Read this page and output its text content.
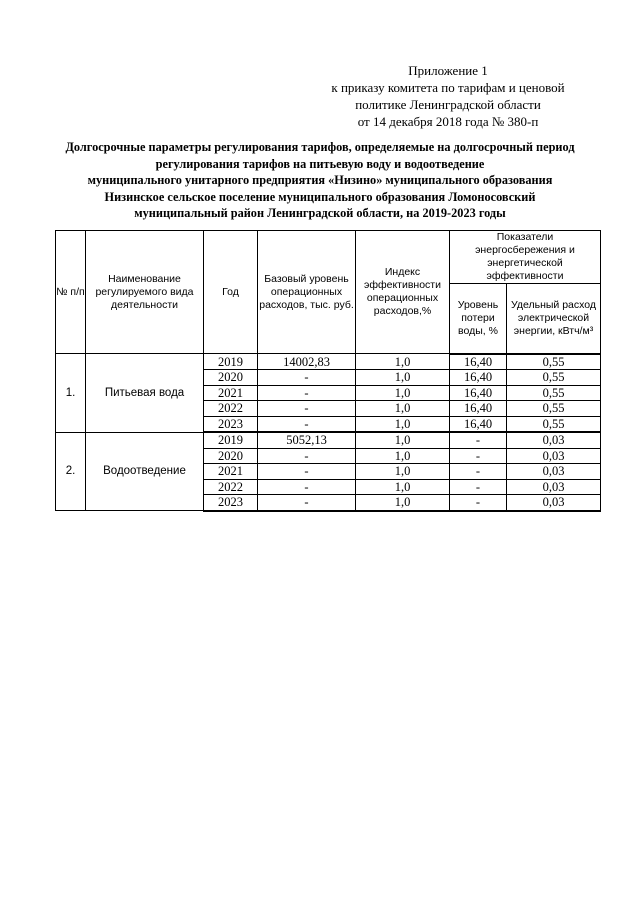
Приложение 1
к приказу комитета по тарифам и ценовой
политике Ленинградской области
от 14 декабря 2018 года № 380-п
Долгосрочные параметры регулирования тарифов, определяемые на долгосрочный период
регулирования тарифов на питьевую воду и водоотведение
муниципального унитарного предприятия «Низино» муниципального образования
Низинское сельское поселение муниципального образования Ломоносовский
муниципальный район Ленинградской области, на 2019-2023 годы
№ п/п	Наименование регулируемого вида деятельности	Год	Базовый уровень операционных расходов, тыс. руб.	Индекс эффективности операционных расходов,%	Показатели энергосбережения и энергетической эффективности	
					Уровень потери воды, %	Удельный расход электрической энергии, кВтч/м³
1.	Питьевая вода	2019	14002,83	1,0	16,40	0,55
		2020	-	1,0	16,40	0,55
		2021	-	1,0	16,40	0,55
		2022	-	1,0	16,40	0,55
		2023	-	1,0	16,40	0,55
2.	Водоотведение	2019	5052,13	1,0	-	0,03
		2020	-	1,0	-	0,03
		2021	-	1,0	-	0,03
		2022	-	1,0	-	0,03
		2023	-	1,0	-	0,03
